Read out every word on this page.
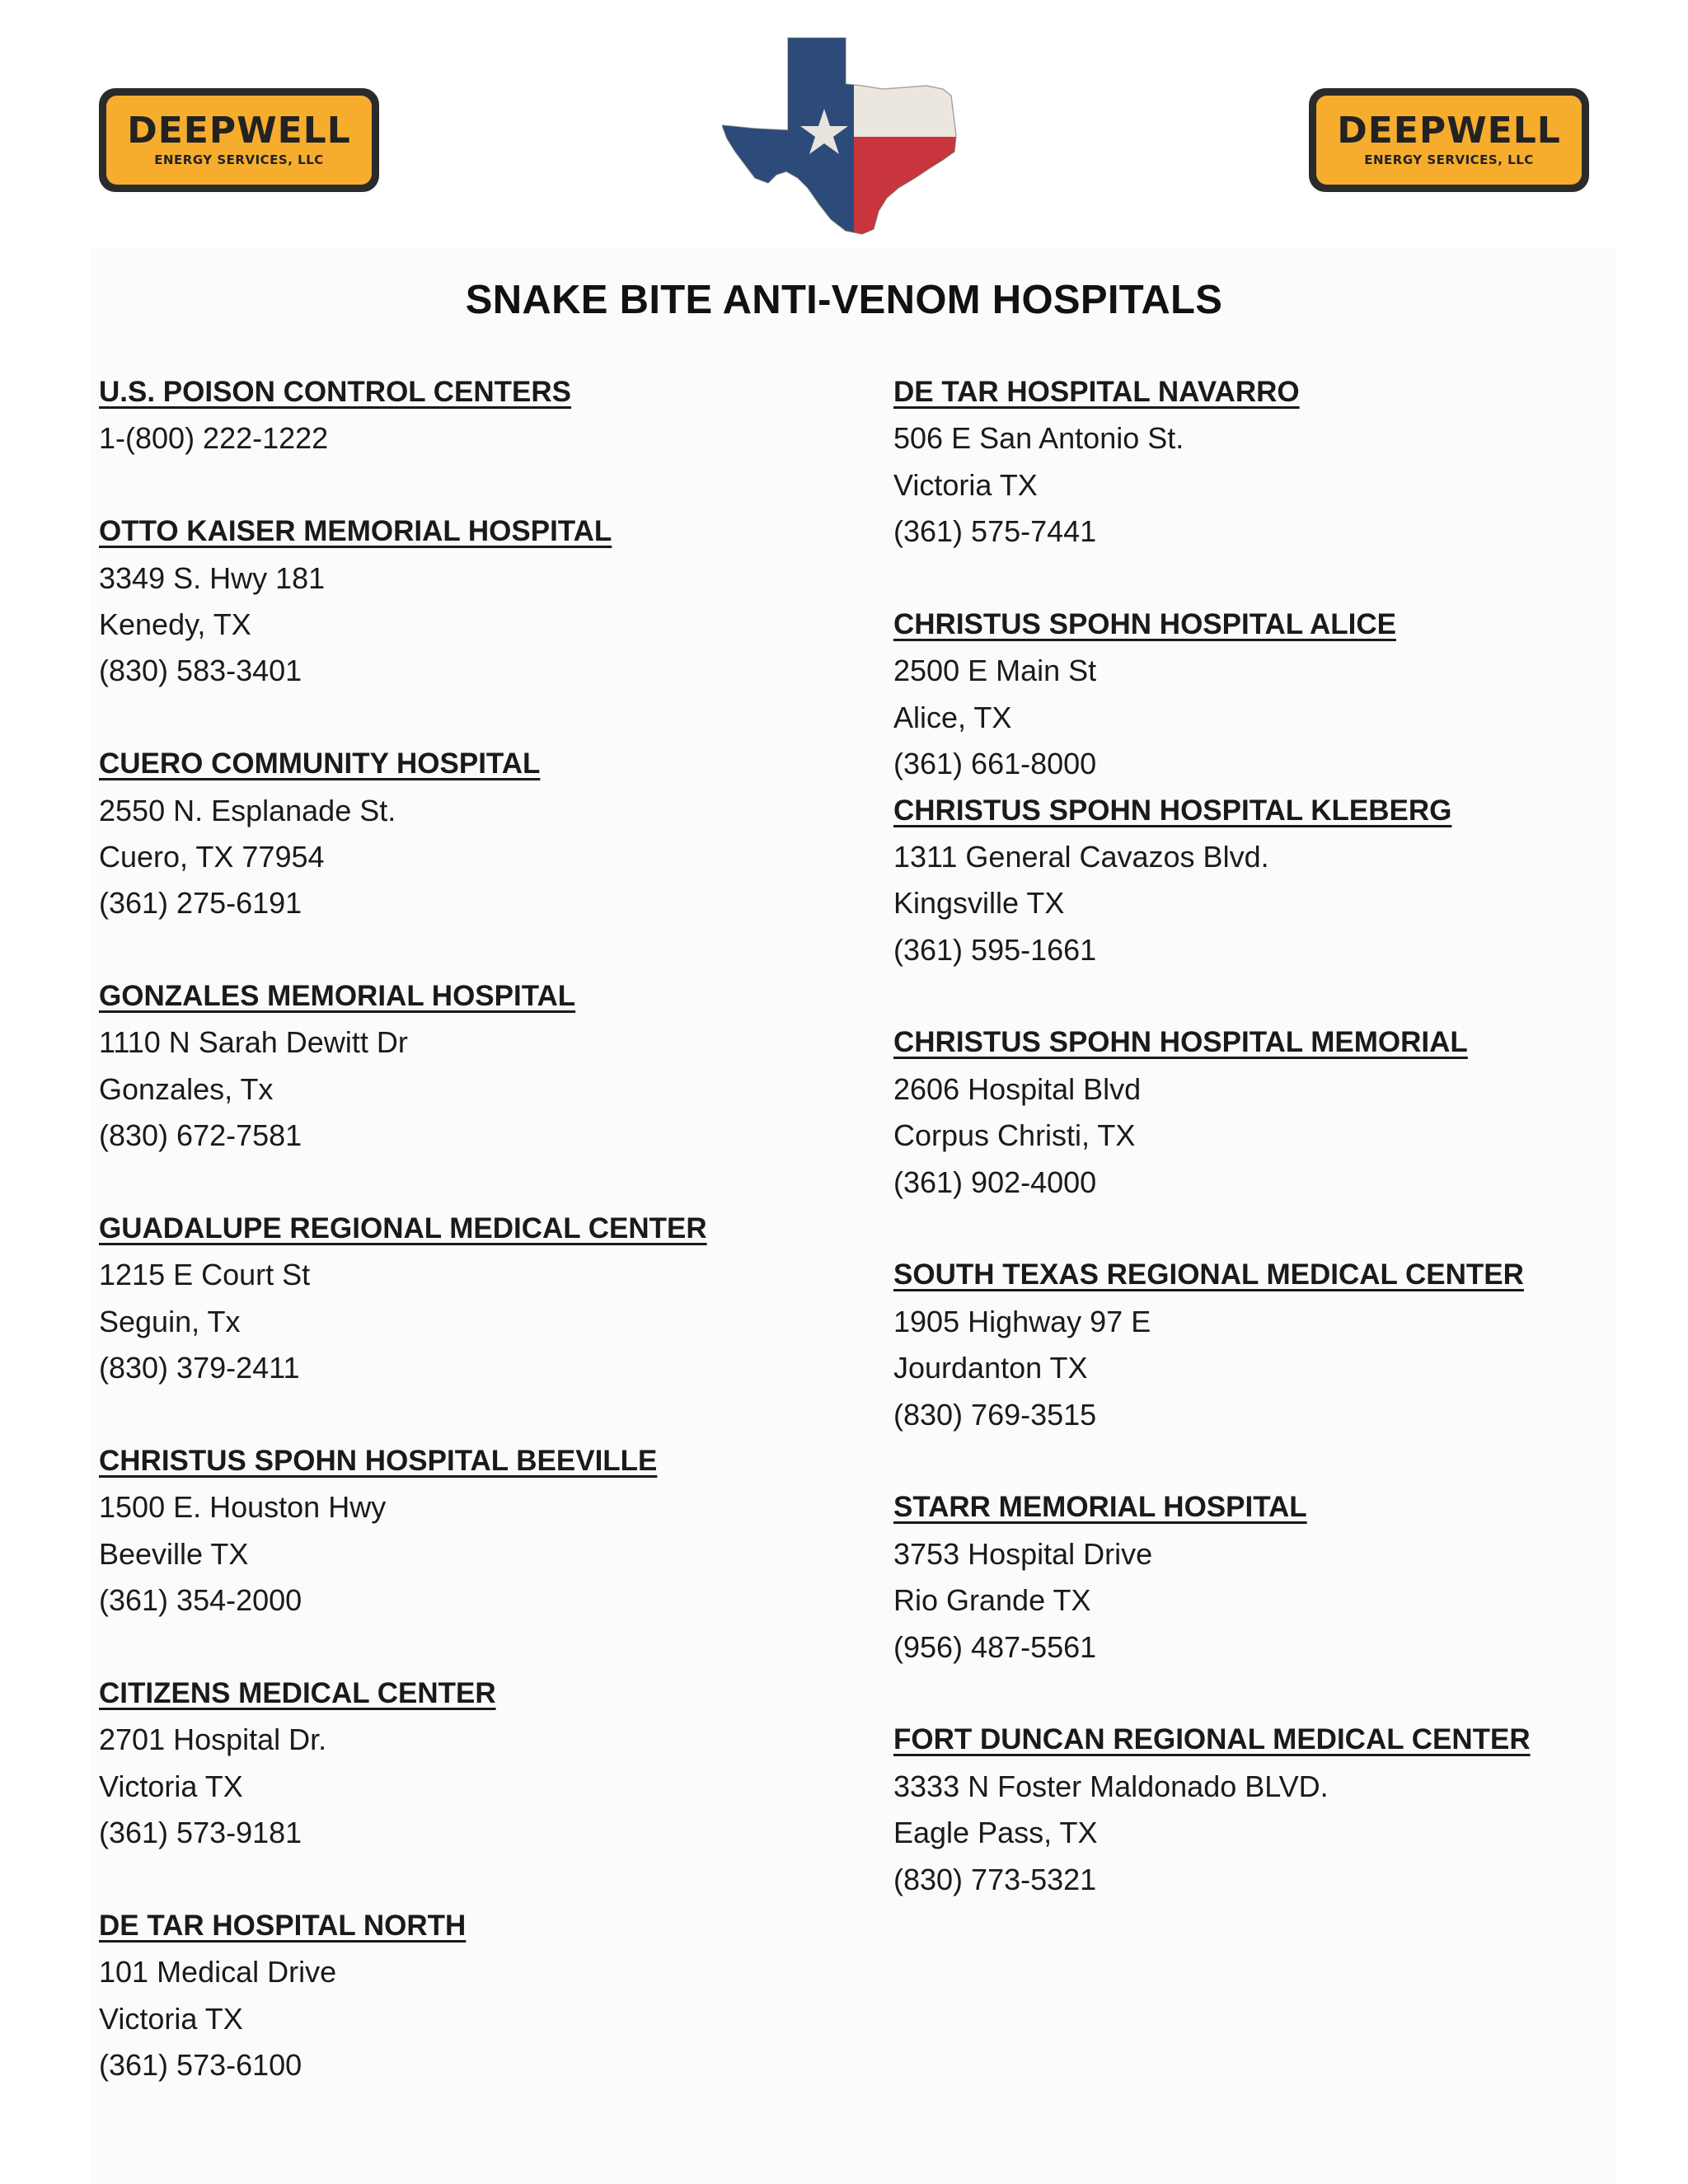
DEEPWELL
ENERGY SERVICES, LLC
DEEPWELL
ENERGY SERVICES, LLC
SNAKE BITE ANTI-VENOM HOSPITALS
U.S. POISON CONTROL CENTERS
1-(800) 222-1222
OTTO KAISER MEMORIAL HOSPITAL
3349 S. Hwy 181
Kenedy, TX
(830) 583-3401
CUERO COMMUNITY HOSPITAL
2550 N. Esplanade St.
Cuero, TX 77954
(361) 275-6191
GONZALES MEMORIAL HOSPITAL
1110 N Sarah Dewitt Dr
Gonzales, Tx
(830) 672-7581
GUADALUPE REGIONAL MEDICAL CENTER
1215 E Court St
Seguin, Tx
(830) 379-2411
CHRISTUS SPOHN HOSPITAL BEEVILLE
1500 E. Houston Hwy
Beeville TX
(361) 354-2000
CITIZENS MEDICAL CENTER
2701 Hospital Dr.
Victoria TX
(361) 573-9181
DE TAR HOSPITAL NORTH
101 Medical Drive
Victoria TX
(361) 573-6100
DE TAR HOSPITAL NAVARRO
506 E San Antonio St.
Victoria TX
(361) 575-7441
CHRISTUS SPOHN HOSPITAL ALICE
2500 E Main St
Alice, TX
(361) 661-8000
CHRISTUS SPOHN HOSPITAL KLEBERG
1311 General Cavazos Blvd.
Kingsville TX
(361) 595-1661
CHRISTUS SPOHN HOSPITAL MEMORIAL
2606 Hospital Blvd
Corpus Christi, TX
(361) 902-4000
SOUTH TEXAS REGIONAL MEDICAL CENTER
1905 Highway 97 E
Jourdanton TX
(830) 769-3515
STARR MEMORIAL HOSPITAL
3753 Hospital Drive
Rio Grande TX
(956) 487-5561
FORT DUNCAN REGIONAL MEDICAL CENTER
3333 N Foster Maldonado BLVD.
Eagle Pass, TX
(830) 773-5321
